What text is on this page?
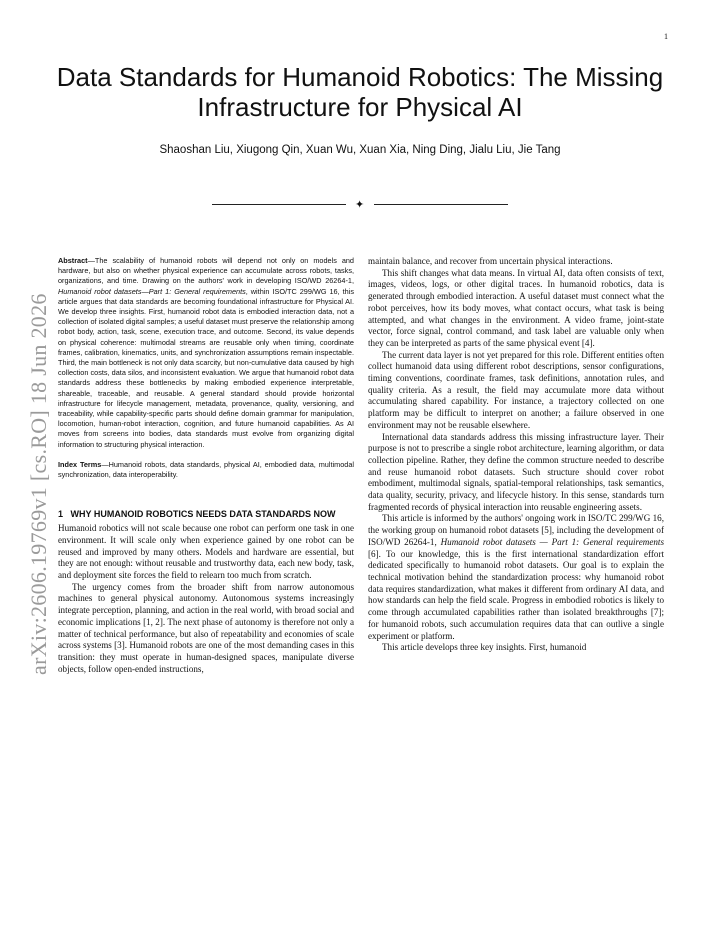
1
Data Standards for Humanoid Robotics: The Missing Infrastructure for Physical AI
Shaoshan Liu, Xiugong Qin, Xuan Wu, Xuan Xia, Ning Ding, Jialu Liu, Jie Tang
✦
arXiv:2606.19769v1 [cs.RO] 18 Jun 2026

Abstract—The scalability of humanoid robots will depend not only on models and hardware, but also on whether physical experience can accumulate across robots, tasks, organizations, and time. Drawing on the authors' work in developing ISO/WD 26264-1, Humanoid robot datasets—Part 1: General requirements, within ISO/TC 299/WG 16, this article argues that data standards are becoming foundational infrastructure for Physical AI. We develop three insights. First, humanoid robot data is embodied interaction data, not a collection of isolated digital samples; a useful dataset must preserve the relationship among robot body, action, task, scene, execution trace, and outcome. Second, its value depends on physical coherence: multimodal streams are reusable only when timing, coordinate frames, calibration, kinematics, units, and synchronization assumptions remain inspectable. Third, the main bottleneck is not only data scarcity, but non-cumulative data caused by high collection costs, data silos, and inconsistent evaluation. We argue that humanoid robot data standards address these bottlenecks by making embodied experience interpretable, shareable, traceable, and reusable. A general standard should provide horizontal infrastructure for lifecycle management, metadata, provenance, quality, versioning, and traceability, while capability-specific parts should define domain grammar for manipulation, locomotion, human-robot interaction, cognition, and future humanoid capabilities. As AI moves from screens into bodies, data standards must evolve from organizing digital information to structuring physical interaction.

Index Terms—Humanoid robots, data standards, physical AI, embodied data, multimodal synchronization, data interoperability.

1 WHY HUMANOID ROBOTICS NEEDS DATA STANDARDS NOW

Humanoid robotics will not scale because one robot can perform one task in one environment. It will scale only when experience gained by one robot can be reused and improved by many others. Models and hardware are essential, but they are not enough: without reusable and trustworthy data, each new body, task, and deployment site forces the field to relearn too much from scratch.

The urgency comes from the broader shift from narrow autonomous machines to general physical autonomy. Autonomous systems increasingly integrate perception, planning, and action in the real world, with broad social and economic implications [1, 2]. The next phase of autonomy is therefore not only a matter of technical performance, but also of repeatability and economies of scale across systems [3]. Humanoid robots are one of the most demanding cases in this transition: they must operate in human-designed spaces, manipulate diverse objects, follow open-ended instructions,

maintain balance, and recover from uncertain physical interactions.

This shift changes what data means. In virtual AI, data often consists of text, images, videos, logs, or other digital traces. In humanoid robotics, data is generated through embodied interaction. A useful dataset must connect what the robot perceives, how its body moves, what contact occurs, what task is being attempted, and what changes in the environment. A video frame, joint-state vector, force signal, control command, and task label are valuable only when they can be interpreted as parts of the same physical event [4].

The current data layer is not yet prepared for this role. Different entities often collect humanoid data using different robot descriptions, sensor configurations, timing conventions, coordinate frames, task definitions, annotation rules, and quality criteria. As a result, the field may accumulate more data without accumulating shared capability. For instance, a trajectory collected on one platform may be difficult to interpret on another; a failure observed in one environment may not be reusable elsewhere.

International data standards address this missing infrastructure layer. Their purpose is not to prescribe a single robot architecture, learning algorithm, or data collection pipeline. Rather, they define the common structure needed to describe and reuse humanoid robot datasets. Such structure should cover robot embodiment, multimodal signals, spatial-temporal relationships, task semantics, data quality, security, privacy, and lifecycle history. In this sense, standards turn fragmented records of physical interaction into reusable engineering assets.

This article is informed by the authors' ongoing work in ISO/TC 299/WG 16, the working group on humanoid robot datasets [5], including the development of ISO/WD 26264-1, Humanoid robot datasets — Part 1: General requirements [6]. To our knowledge, this is the first international standardization effort dedicated specifically to humanoid robot datasets. Our goal is to explain the technical motivation behind the standardization process: why humanoid robot data requires standardization, what makes it different from ordinary AI data, and how standards can help the field scale. Progress in embodied robotics is likely to come through accumulated capabilities rather than isolated breakthroughs [7]; for humanoid robots, such accumulation requires data that can outlive a single experiment or platform.

This article develops three key insights. First, humanoid
